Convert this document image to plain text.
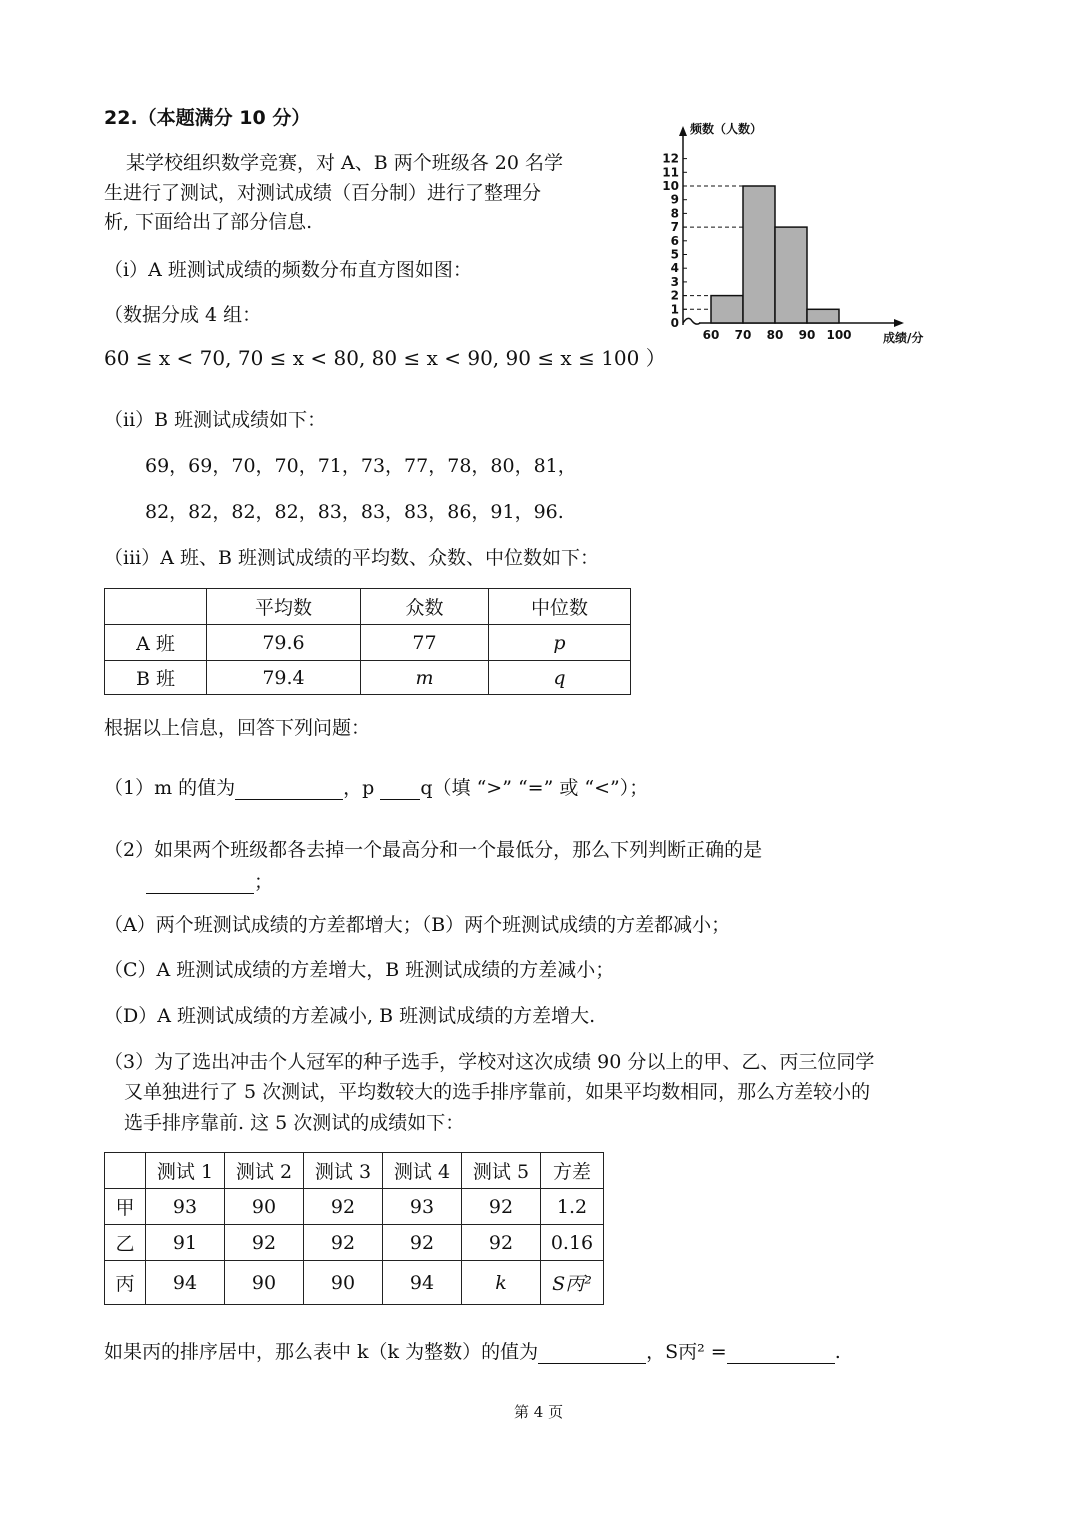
22.（本题满分 10 分）
某学校组织数学竞赛，对 A、B 两个班级各 20 名学
生进行了测试，对测试成绩（百分制）进行了整理分
析, 下面给出了部分信息.
（i）A 班测试成绩的频数分布直方图如图：
（数据分成 4 组：
60 ≤ x < 70, 70 ≤ x < 80, 80 ≤ x < 90, 90 ≤ x ≤ 100 ）
（ii）B 班测试成绩如下：
69，69，70，70，71，73，77，78，80，81，
82，82，82，82，83，83，83，86，91，96.
（iii）A 班、B 班测试成绩的平均数、众数、中位数如下：
	平均数	众数	中位数
A 班	79.6	77	p
B 班	79.4	m	q
根据以上信息，回答下列问题：
（1）m 的值为	，p q（填 “>” “=” 或 “<”）；
（2）如果两个班级都各去掉一个最高分和一个最低分，那么下列判断正确的是
；
（A）两个班测试成绩的方差都增大；（B）两个班测试成绩的方差都减小；
（C）A 班测试成绩的方差增大，B 班测试成绩的方差减小；
（D）A 班测试成绩的方差减小, B 班测试成绩的方差增大.
（3）为了选出冲击个人冠军的种子选手，学校对这次成绩 90 分以上的甲、乙、丙三位同学
又单独进行了 5 次测试，平均数较大的选手排序靠前，如果平均数相同，那么方差较小的
选手排序靠前. 这 5 次测试的成绩如下：
	测试 1	测试 2	测试 3	测试 4	测试 5	方差
甲	93	90	92	93	92	1.2
乙	91	92	92	92	92	0.16
丙	94	90	90	94	k	S丙²
如果丙的排序居中，那么表中 k（k 为整数）的值为	，S丙² =	.
第 4 页
频数（人数）
成绩/分
0
1
2
3
4
5
6
7
8
9
10
11
12
60 70 80 90 100
